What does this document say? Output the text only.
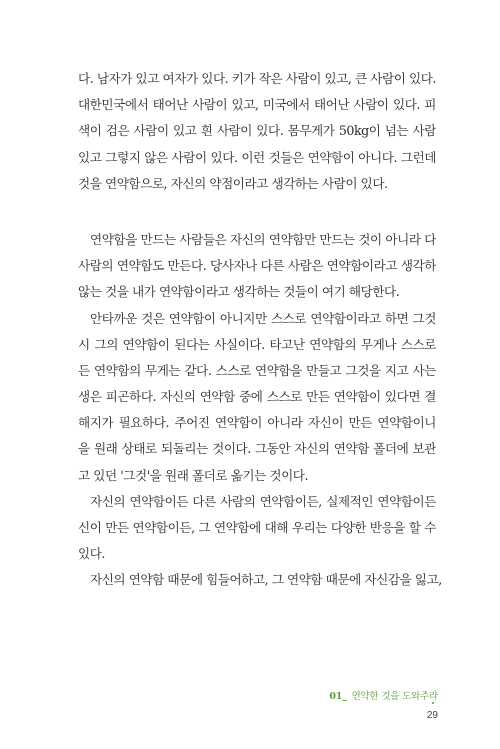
다. 남자가 있고 여자가 있다. 키가 작은 사람이 있고, 큰 사람이 있다.
대한민국에서 태어난 사람이 있고, 미국에서 태어난 사람이 있다. 피
색이 검은 사람이 있고 흰 사람이 있다. 몸무게가 50kg이 넘는 사람
있고 그렇지 않은 사람이 있다. 이런 것들은 연약함이 아니다. 그런데
것을 연약함으로, 자신의 약점이라고 생각하는 사람이 있다.
연약함을 만드는 사람들은 자신의 연약함만 만드는 것이 아니라 다
사람의 연약함도 만든다. 당사자나 다른 사람은 연약함이라고 생각하
않는 것을 내가 연약함이라고 생각하는 것들이 여기 해당한다.
안타까운 것은 연약함이 아니지만 스스로 연약함이라고 하면 그것
시 그의 연약함이 된다는 사실이다. 타고난 연약함의 무게나 스스로
든 연약함의 무게는 같다. 스스로 연약함을 만들고 그것을 지고 사는
생은 피곤하다. 자신의 연약함 중에 스스로 만든 연약함이 있다면 결
해지가 필요하다. 주어진 연약함이 아니라 자신이 만든 연약함이니
을 원래 상태로 되돌리는 것이다. 그동안 자신의 연약함 폴더에 보관
고 있던 '그것'을 원래 폴더로 옮기는 것이다.
자신의 연약함이든 다른 사람의 연약함이든, 실제적인 연약함이든
신이 만든 연약함이든, 그 연약함에 대해 우리는 다양한 반응을 할 수
있다.
자신의 연약함 때문에 힘들어하고, 그 연약함 때문에 자신감을 잃고,
01_ 연약한 것을 도와주라
29
